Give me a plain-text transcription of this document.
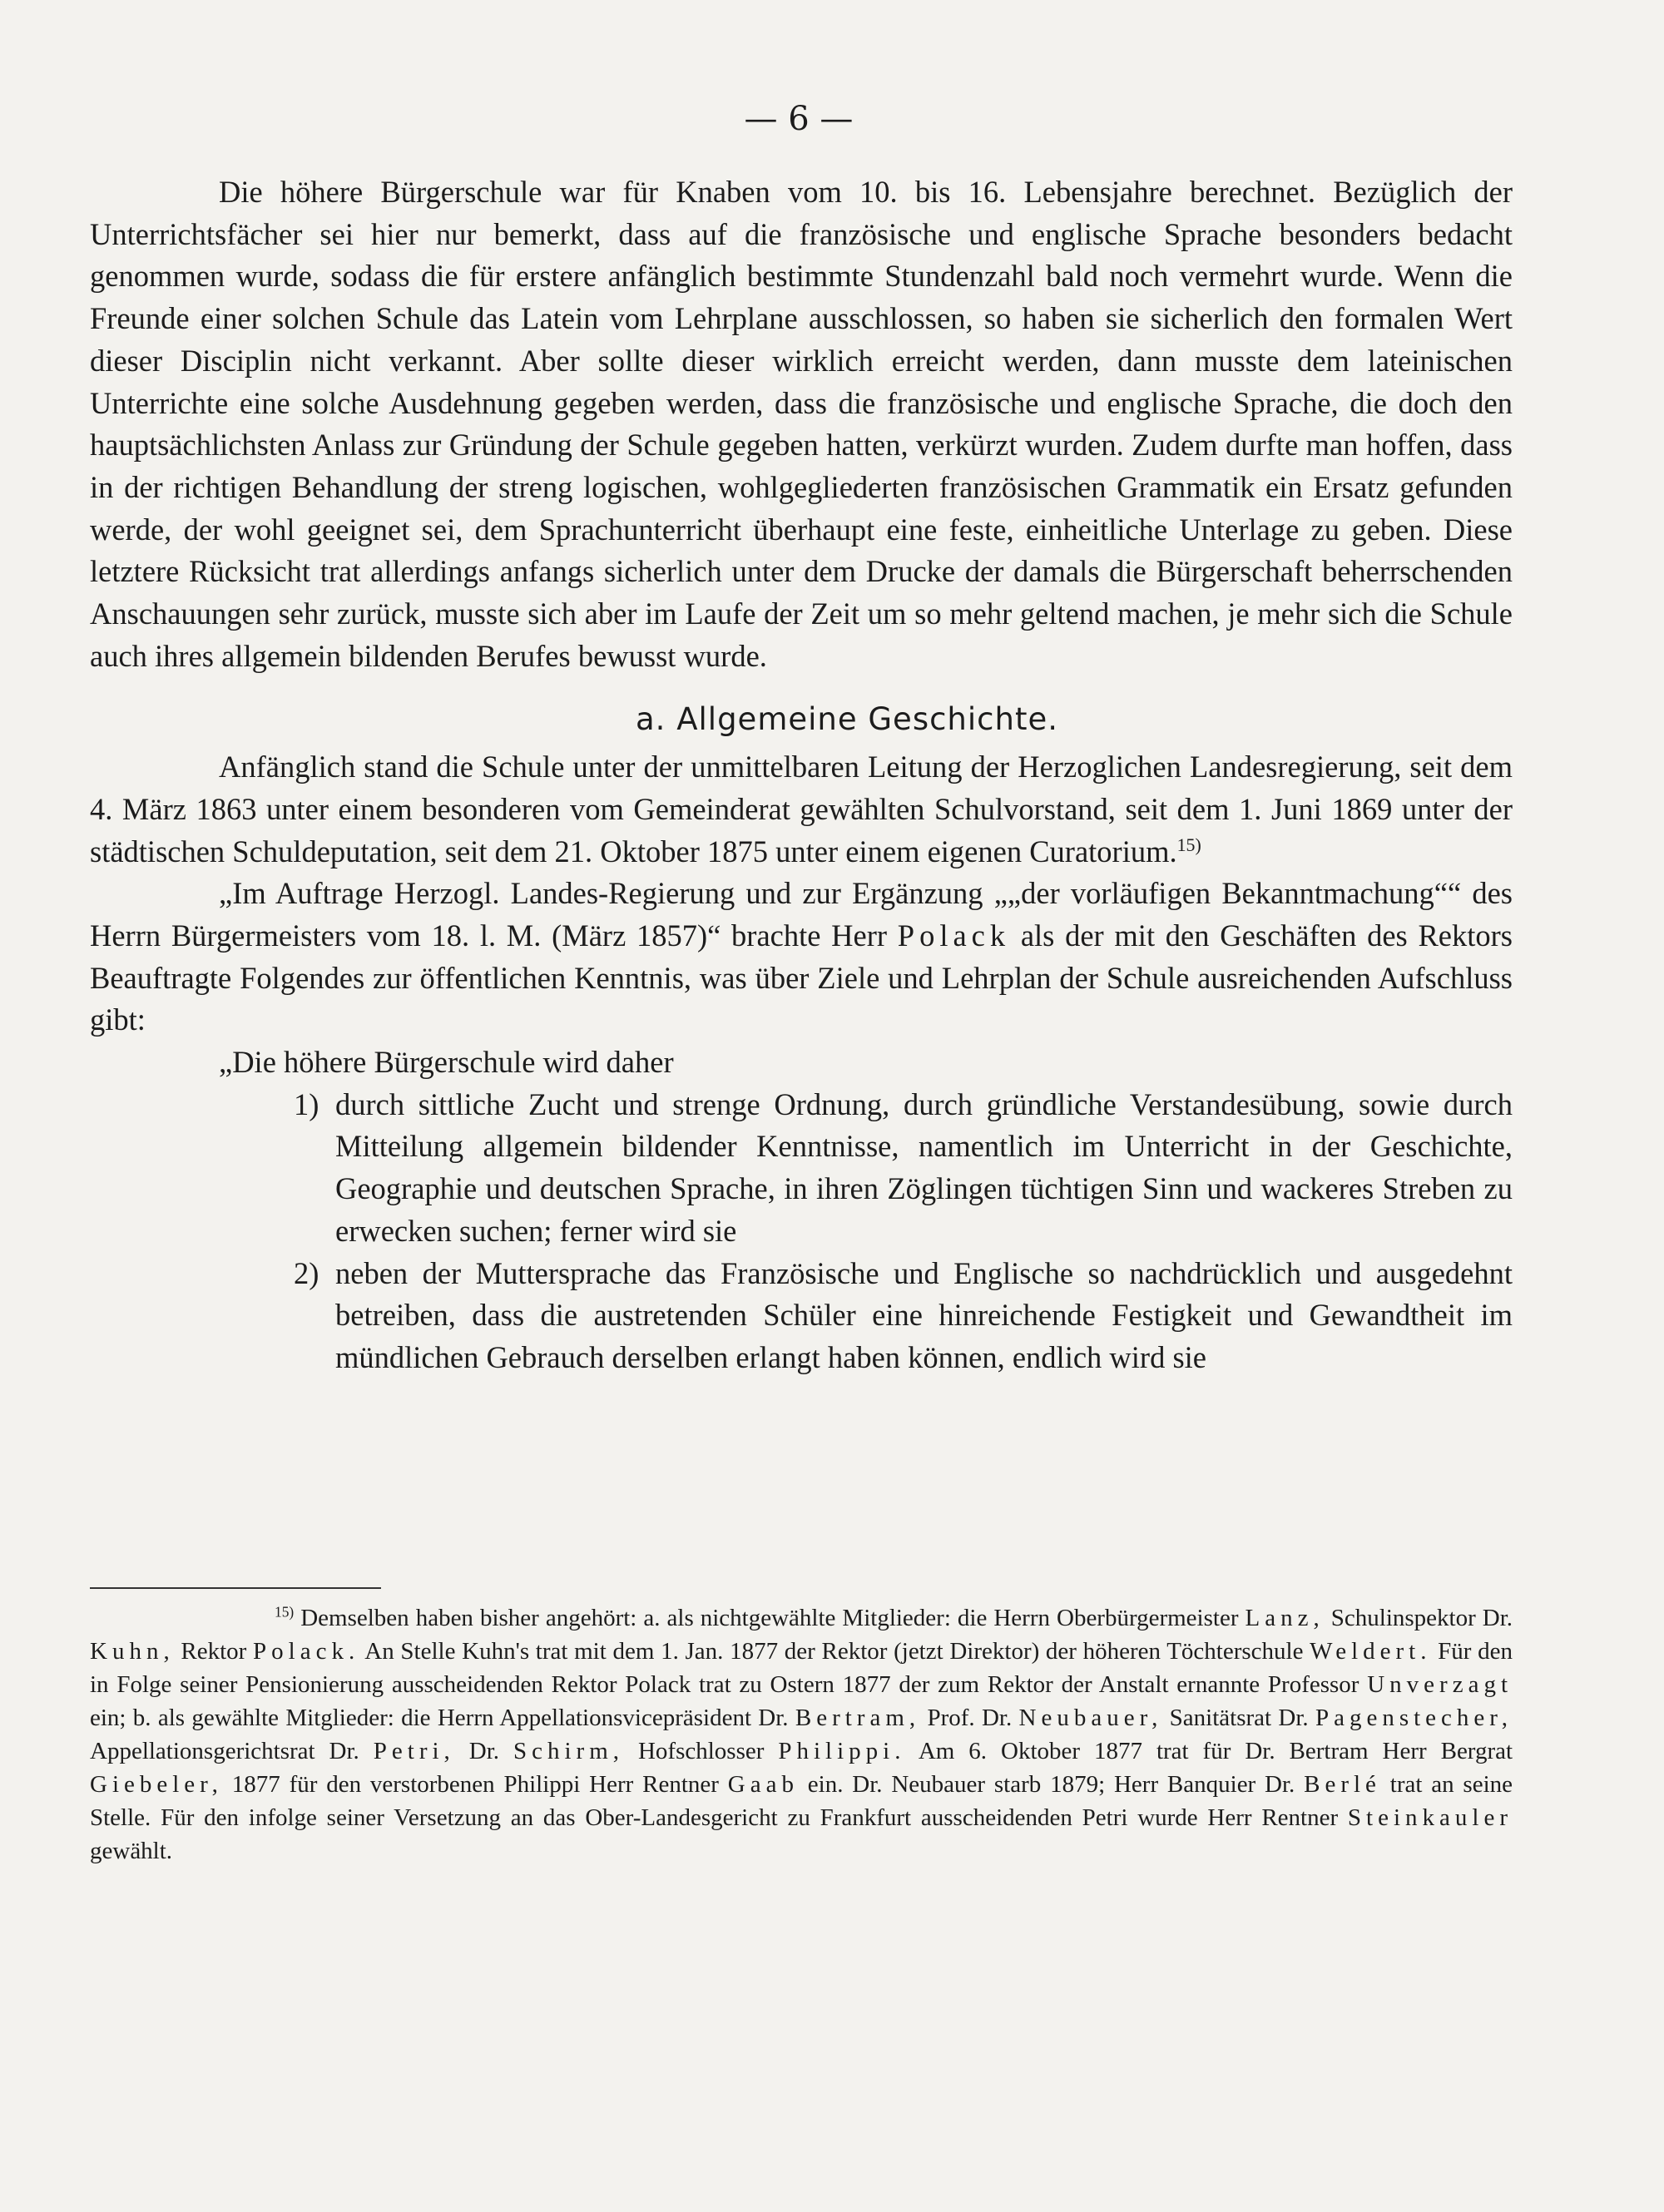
— 6 —

Die höhere Bürgerschule war für Knaben vom 10. bis 16. Lebensjahre berechnet. Bezüglich der Unterrichtsfächer sei hier nur bemerkt, dass auf die französische und englische Sprache besonders bedacht genommen wurde, sodass die für erstere anfänglich bestimmte Stundenzahl bald noch vermehrt wurde. Wenn die Freunde einer solchen Schule das Latein vom Lehrplane ausschlossen, so haben sie sicherlich den formalen Wert dieser Disciplin nicht verkannt. Aber sollte dieser wirklich erreicht werden, dann musste dem lateinischen Unterrichte eine solche Ausdehnung gegeben werden, dass die französische und englische Sprache, die doch den hauptsächlichsten Anlass zur Gründung der Schule gegeben hatten, verkürzt wurden. Zudem durfte man hoffen, dass in der richtigen Behandlung der streng logischen, wohlgegliederten französischen Grammatik ein Ersatz gefunden werde, der wohl geeignet sei, dem Sprachunterricht überhaupt eine feste, einheitliche Unterlage zu geben. Diese letztere Rücksicht trat allerdings anfangs sicherlich unter dem Drucke der damals die Bürgerschaft beherrschenden Anschauungen sehr zurück, musste sich aber im Laufe der Zeit um so mehr geltend machen, je mehr sich die Schule auch ihres allgemein bildenden Berufes bewusst wurde.

a. Allgemeine Geschichte.

Anfänglich stand die Schule unter der unmittelbaren Leitung der Herzoglichen Landesregierung, seit dem 4. März 1863 unter einem besonderen vom Gemeinderat gewählten Schulvorstand, seit dem 1. Juni 1869 unter der städtischen Schuldeputation, seit dem 21. Oktober 1875 unter einem eigenen Curatorium.$^{15)}$

„Im Auftrage Herzogl. Landes-Regierung und zur Ergänzung „„der vorläufigen Bekanntmachung““ des Herrn Bürgermeisters vom 18. l. M. (März 1857)“ brachte Herr Polack als der mit den Geschäften des Rektors Beauftragte Folgendes zur öffentlichen Kenntnis, was über Ziele und Lehrplan der Schule ausreichenden Aufschluss gibt:

„Die höhere Bürgerschule wird daher

1) durch sittliche Zucht und strenge Ordnung, durch gründliche Verstandesübung, sowie durch Mitteilung allgemein bildender Kenntnisse, namentlich im Unterricht in der Geschichte, Geographie und deutschen Sprache, in ihren Zöglingen tüchtigen Sinn und wackeres Streben zu erwecken suchen; ferner wird sie
2) neben der Muttersprache das Französische und Englische so nachdrücklich und ausgedehnt betreiben, dass die austretenden Schüler eine hinreichende Festigkeit und Gewandtheit im mündlichen Gebrauch derselben erlangt haben können, endlich wird sie

$^{15)}$ Demselben haben bisher angehört: a. als nichtgewählte Mitglieder: die Herrn Oberbürgermeister Lanz, Schulinspektor Dr. Kuhn, Rektor Polack. An Stelle Kuhn's trat mit dem 1. Jan. 1877 der Rektor (jetzt Direktor) der höheren Töchterschule Weldert. Für den in Folge seiner Pensionierung ausscheidenden Rektor Polack trat zu Ostern 1877 der zum Rektor der Anstalt ernannte Professor Unverzagt ein; b. als gewählte Mitglieder: die Herrn Appellationsvicepräsident Dr. Bertram, Prof. Dr. Neubauer, Sanitätsrat Dr. Pagenstecher, Appellationsgerichtsrat Dr. Petri, Dr. Schirm, Hofschlosser Philippi. Am 6. Oktober 1877 trat für Dr. Bertram Herr Bergrat Giebeler, 1877 für den verstorbenen Philippi Herr Rentner Gaab ein. Dr. Neubauer starb 1879; Herr Banquier Dr. Berlé trat an seine Stelle. Für den infolge seiner Versetzung an das Ober-Landesgericht zu Frankfurt ausscheidenden Petri wurde Herr Rentner Steinkauler gewählt.
